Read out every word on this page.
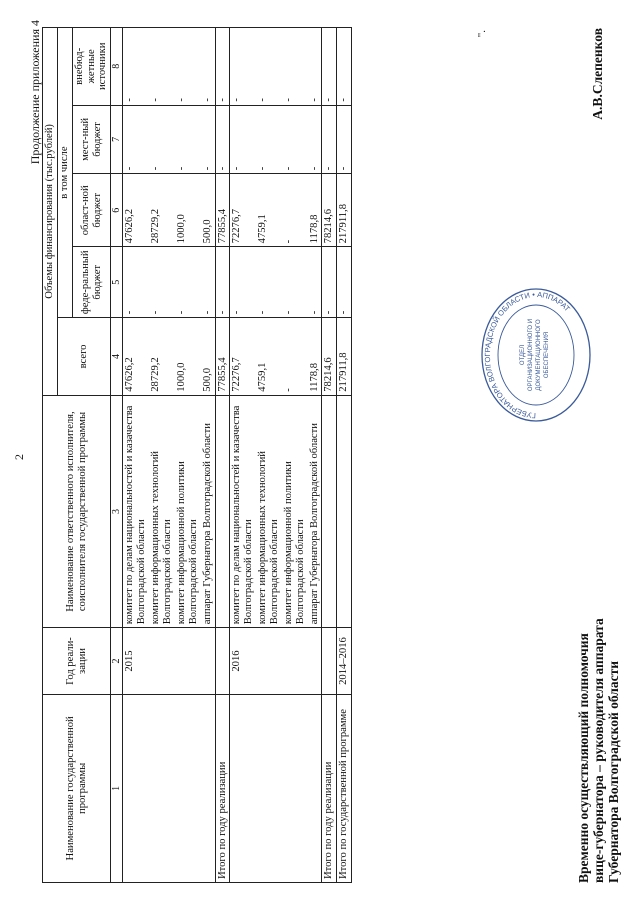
2
Продолжение приложения 4
Наименование государственной программы	Год реали-зации	Наименование ответственного исполнителя, соисполнителя государственной программы	Объемы финансирования (тыс.рублей)				
			всего	в том числе			
				феде-ральный бюджет	област-ной бюджет	мест-ный бюджет	внебюд-жетные источники
1	2	3	4	5	6	7	8
	2015	комитет по делам национальностей и казачества Волгоградской области	47626,2	-	47626,2	-	-
		комитет информационных технологий Волгоградской области	28729,2	-	28729,2	-	-
		комитет информационной политики Волгоградской области	1000,0	-	1000,0	-	-
		аппарат Губернатора Волгоградской области	500,0	-	500,0	-	-
Итого по году реализации			77855,4	-	77855,4	-	-
	2016	комитет по делам национальностей и казачества Волгоградской области	72276,7	-	72276,7	-	-
		комитет информационных технологий Волгоградской области	4759,1	-	4759,1	-	-
		комитет информационной политики Волгоградской области	-	-	-	-	-
		аппарат Губернатора Волгоградской области	1178,8	-	1178,8	-	-
Итого по году реализации			78214,6	-	78214,6	-	-
Итого по государственной программе	2014–2016		217911,8	-	217911,8	-	-
".
ГУБЕРНАТОРА ВОЛГОГРАДСКОЙ ОБЛАСТИ • АППАРАТ
ОТДЕЛ ОРГАНИЗАЦИОННОГО И ДОКУМЕНТАЦИОННОГО ОБЕСПЕЧЕНИЯ
Временно осуществляющий полномочия вице-губернатора – руководителя аппарата Губернатора Волгоградской области
А.В.Слепенков
